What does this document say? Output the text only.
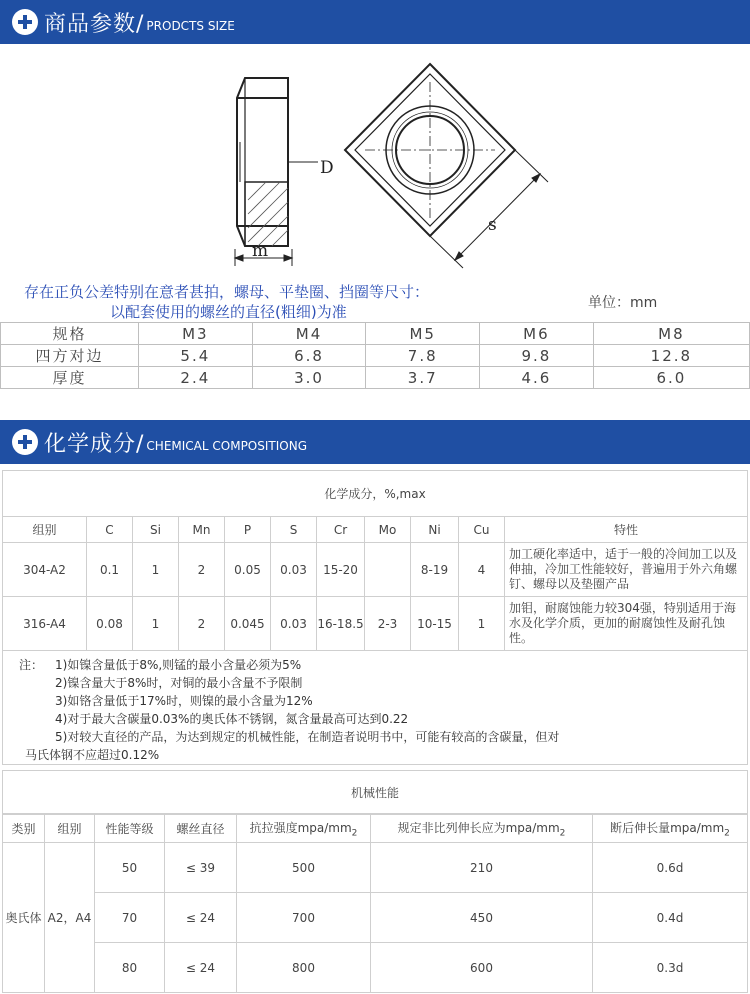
商品参数/ PRODCTS SIZE
D
m
s
存在正负公差特别在意者甚拍，螺母、平垫圈、挡圈等尺寸：
以配套使用的螺丝的直径(粗细)为准	单位：mm
规格	M3	M4	M5	M6	M8
四方对边	5.4	6.8	7.8	9.8	12.8
厚度	2.4	3.0	3.7	4.6	6.0
化学成分/ CHEMICAL COMPOSITIONG
化学成分，%,max
组别	C	Si	Mn	P	S	Cr	Mo	Ni	Cu	特性
304-A2	0.1	1	2	0.05	0.03	15-20		8-19	4	加工硬化率适中，适于一般的冷间加工以及伸抽，冷加工性能较好，普遍用于外六角螺钉、螺母以及垫圈产品
316-A4	0.08	1	2	0.045	0.03	16-18.5	2-3	10-15	1	加钼，耐腐蚀能力较304强，特别适用于海水及化学介质，更加的耐腐蚀性及耐孔蚀性。
注： 1)如镍含量低于8%,则锰的最小含量必须为5%
2)镍含量大于8%时，对铜的最小含量不予限制
3)如铬含量低于17%时，则镍的最小含量为12%
4)对于最大含碳量0.03%的奥氏体不锈钢，氮含量最高可达到0.22
5)对较大直径的产品，为达到规定的机械性能，在制造者说明书中，可能有较高的含碳量，但对
马氏体钢不应超过0.12%
机械性能
类别	组别	性能等级	螺丝直径	抗拉强度mpa/$mm_2$	规定非比列伸长应为mpa/$mm_2$	断后伸长量mpa/$mm_2$
奥氏体	A2，A4	50	≤ 39	500	210	0.6d
		70	≤ 24	700	450	0.4d
		80	≤ 24	800	600	0.3d
